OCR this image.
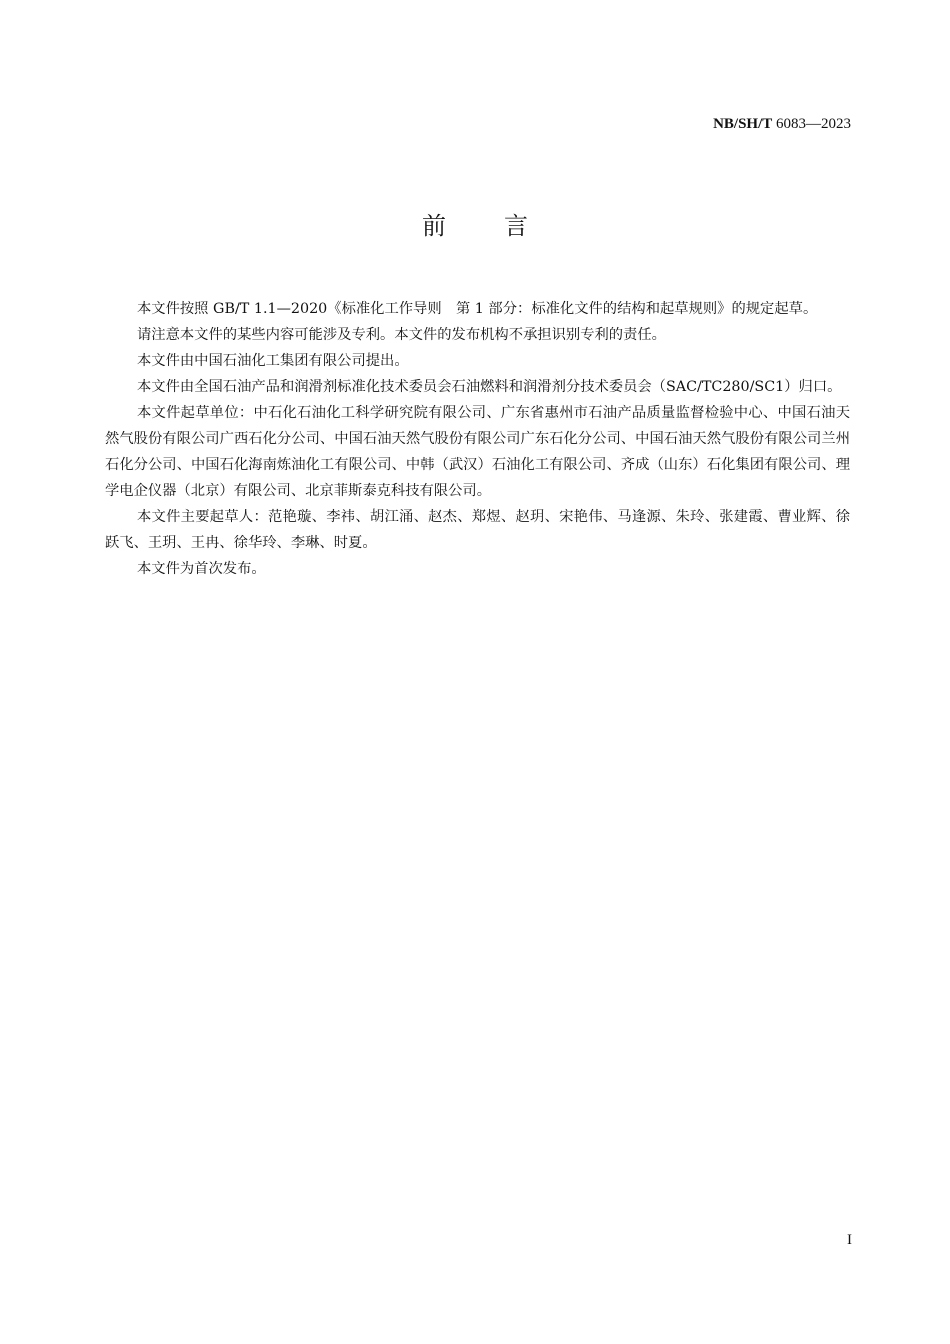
NB/SH/T 6083—2023
前 言

本文件按照 GB/T 1.1—2020《标准化工作导则　第 1 部分：标准化文件的结构和起草规则》的规定起草。

请注意本文件的某些内容可能涉及专利。本文件的发布机构不承担识别专利的责任。

本文件由中国石油化工集团有限公司提出。

本文件由全国石油产品和润滑剂标准化技术委员会石油燃料和润滑剂分技术委员会（SAC/TC280/SC1）归口。

本文件起草单位：中石化石油化工科学研究院有限公司、广东省惠州市石油产品质量监督检验中心、中国石油天然气股份有限公司广西石化分公司、中国石油天然气股份有限公司广东石化分公司、中国石油天然气股份有限公司兰州石化分公司、中国石化海南炼油化工有限公司、中韩（武汉）石油化工有限公司、齐成（山东）石化集团有限公司、理学电企仪器（北京）有限公司、北京菲斯泰克科技有限公司。

本文件主要起草人：范艳璇、李祎、胡江涌、赵杰、郑煜、赵玥、宋艳伟、马逢源、朱玲、张建霞、曹业辉、徐跃飞、王玥、王冉、徐华玲、李琳、时夏。

本文件为首次发布。

I
